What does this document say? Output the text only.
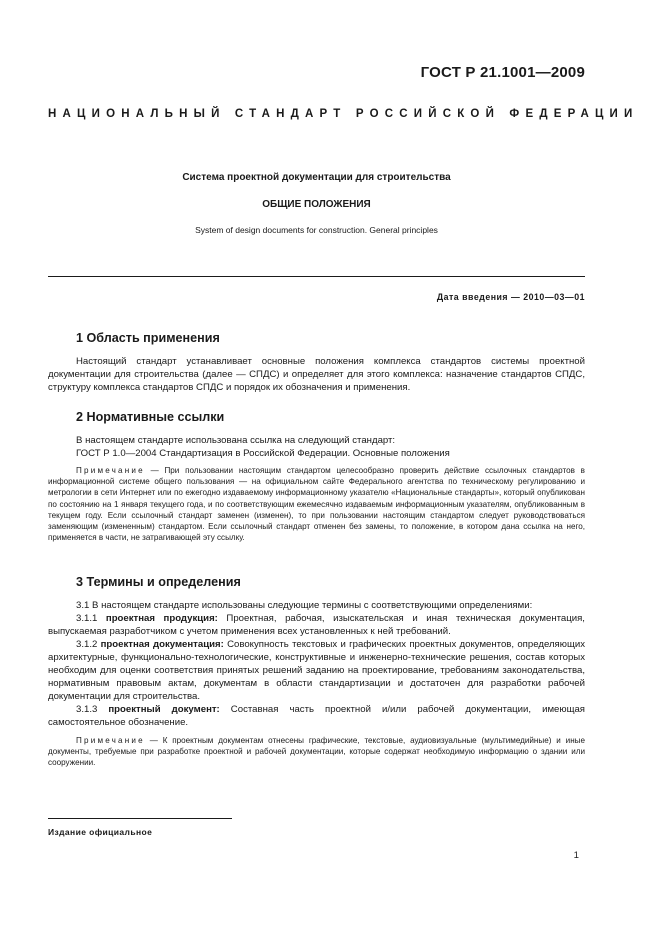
ГОСТ Р 21.1001—2009
НАЦИОНАЛЬНЫЙ СТАНДАРТ РОССИЙСКОЙ ФЕДЕРАЦИИ
Система проектной документации для строительства
ОБЩИЕ ПОЛОЖЕНИЯ
System of design documents for construction. General principles
Дата введения — 2010—03—01
1 Область применения

Настоящий стандарт устанавливает основные положения комплекса стандартов системы проектной документации для строительства (далее — СПДС) и определяет для этого комплекса: назначение стандартов СПДС, структуру комплекса стандартов СПДС и порядок их обозначения и применения.

2 Нормативные ссылки

В настоящем стандарте использована ссылка на следующий стандарт:

ГОСТ Р 1.0—2004 Стандартизация в Российской Федерации. Основные положения

Примечание — При пользовании настоящим стандартом целесообразно проверить действие ссылочных стандартов в информационной системе общего пользования — на официальном сайте Федерального агентства по техническому регулированию и метрологии в сети Интернет или по ежегодно издаваемому информационному указателю «Национальные стандарты», который опубликован по состоянию на 1 января текущего года, и по соответствующим ежемесячно издаваемым информационным указателям, опубликованным в текущем году. Если ссылочный стандарт заменен (изменен), то при пользовании настоящим стандартом следует руководствоваться заменяющим (измененным) стандартом. Если ссылочный стандарт отменен без замены, то положение, в котором дана ссылка на него, применяется в части, не затрагивающей эту ссылку.

3 Термины и определения

3.1 В настоящем стандарте использованы следующие термины с соответствующими определениями:

3.1.1 проектная продукция: Проектная, рабочая, изыскательская и иная техническая документация, выпускаемая разработчиком с учетом применения всех установленных к ней требований.

3.1.2 проектная документация: Совокупность текстовых и графических проектных документов, определяющих архитектурные, функционально-технологические, конструктивные и инженерно-технические решения, состав которых необходим для оценки соответствия принятых решений заданию на проектирование, требованиям законодательства, нормативным правовым актам, документам в области стандартизации и достаточен для разработки рабочей документации для строительства.

3.1.3 проектный документ: Составная часть проектной и/или рабочей документации, имеющая самостоятельное обозначение.

Примечание — К проектным документам отнесены графические, текстовые, аудиовизуальные (мультимедийные) и иные документы, требуемые при разработке проектной и рабочей документации, которые содержат необходимую информацию о здании или сооружении.

Издание официальное
1
